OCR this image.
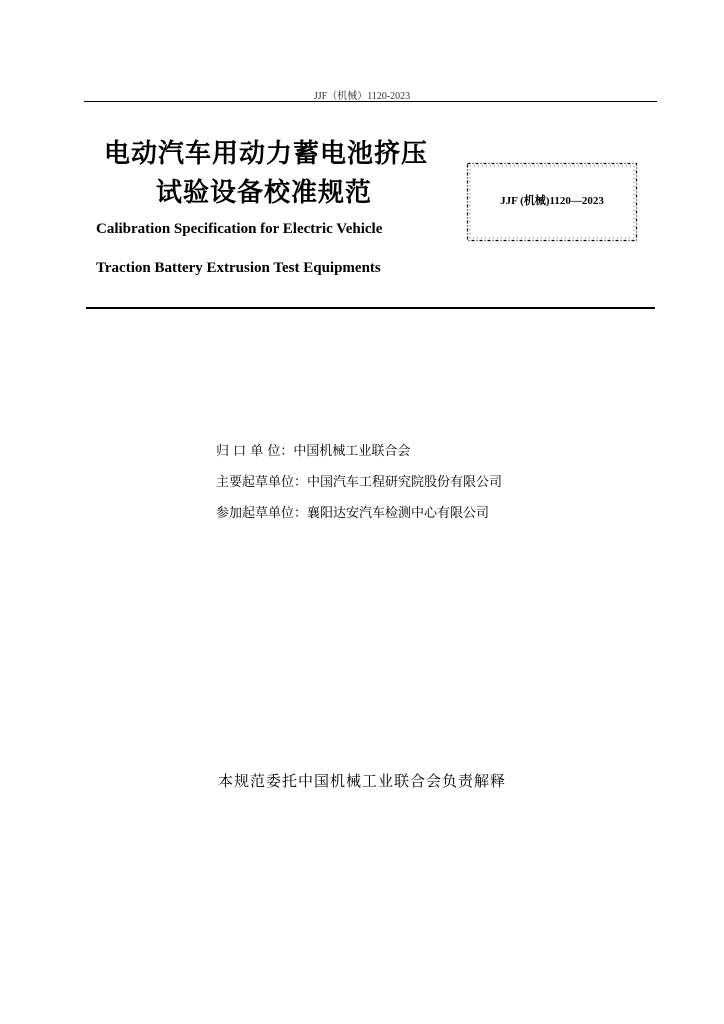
JJF（机械）1120-2023
电动汽车用动力蓄电池挤压
试验设备校准规范
Calibration Specification for Electric Vehicle
Traction Battery Extrusion Test Equipments
JJF (机械)1120—2023
归 口 单 位：中国机械工业联合会
主要起草单位：中国汽车工程研究院股份有限公司
参加起草单位：襄阳达安汽车检测中心有限公司
本规范委托中国机械工业联合会负责解释
